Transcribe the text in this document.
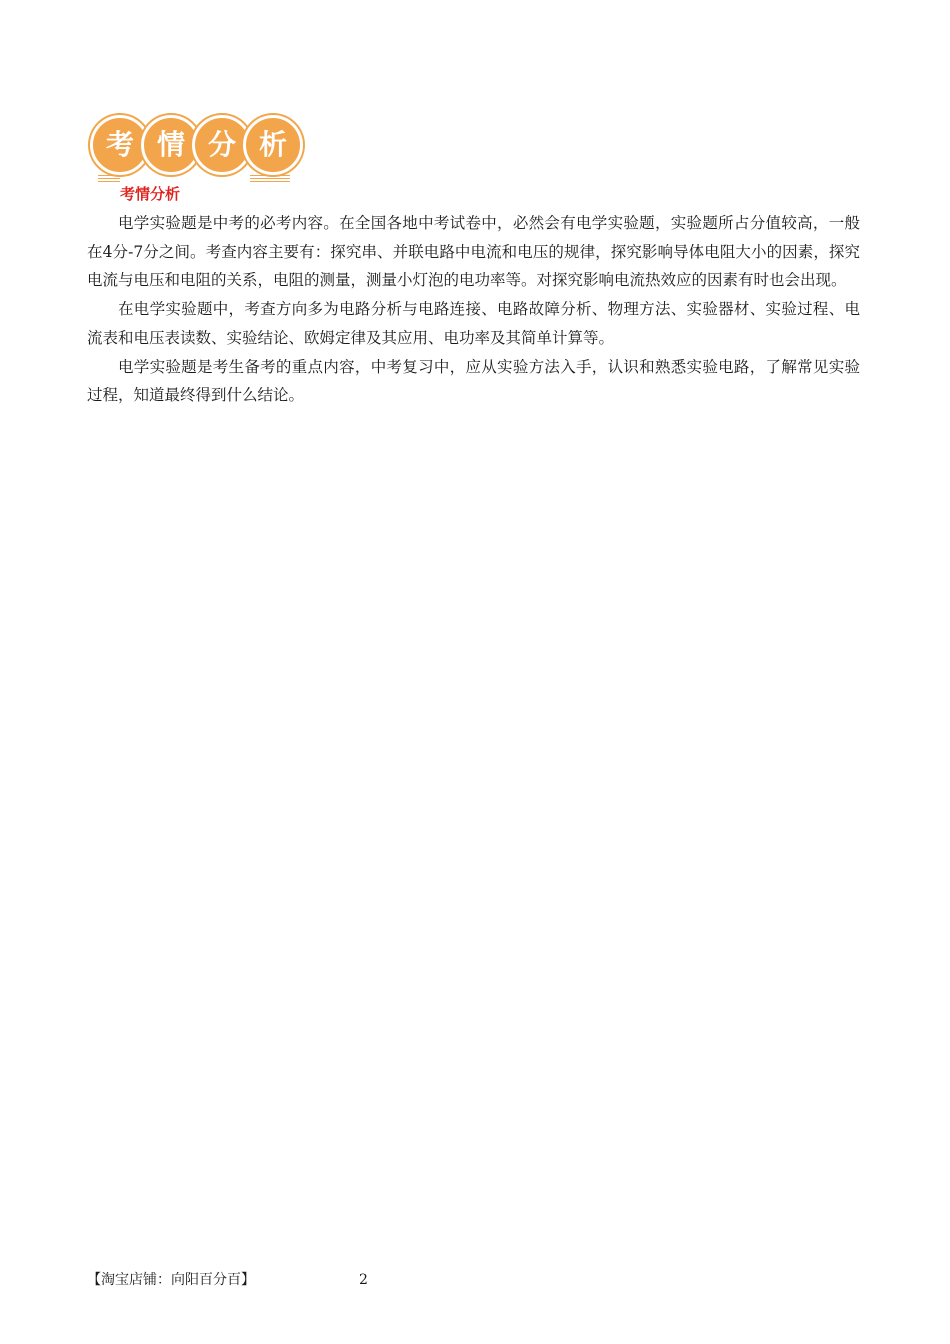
考 情 分 析
考情分析

电学实验题是中考的必考内容。在全国各地中考试卷中，必然会有电学实验题，实验题所占分值较高，一般在4分-7分之间。考查内容主要有：探究串、并联电路中电流和电压的规律，探究影响导体电阻大小的因素，探究电流与电压和电阻的关系，电阻的测量，测量小灯泡的电功率等。对探究影响电流热效应的因素有时也会出现。

在电学实验题中，考查方向多为电路分析与电路连接、电路故障分析、物理方法、实验器材、实验过程、电流表和电压表读数、实验结论、欧姆定律及其应用、电功率及其简单计算等。

电学实验题是考生备考的重点内容，中考复习中，应从实验方法入手，认识和熟悉实验电路，了解常见实验过程，知道最终得到什么结论。

【淘宝店铺：向阳百分百】	2
